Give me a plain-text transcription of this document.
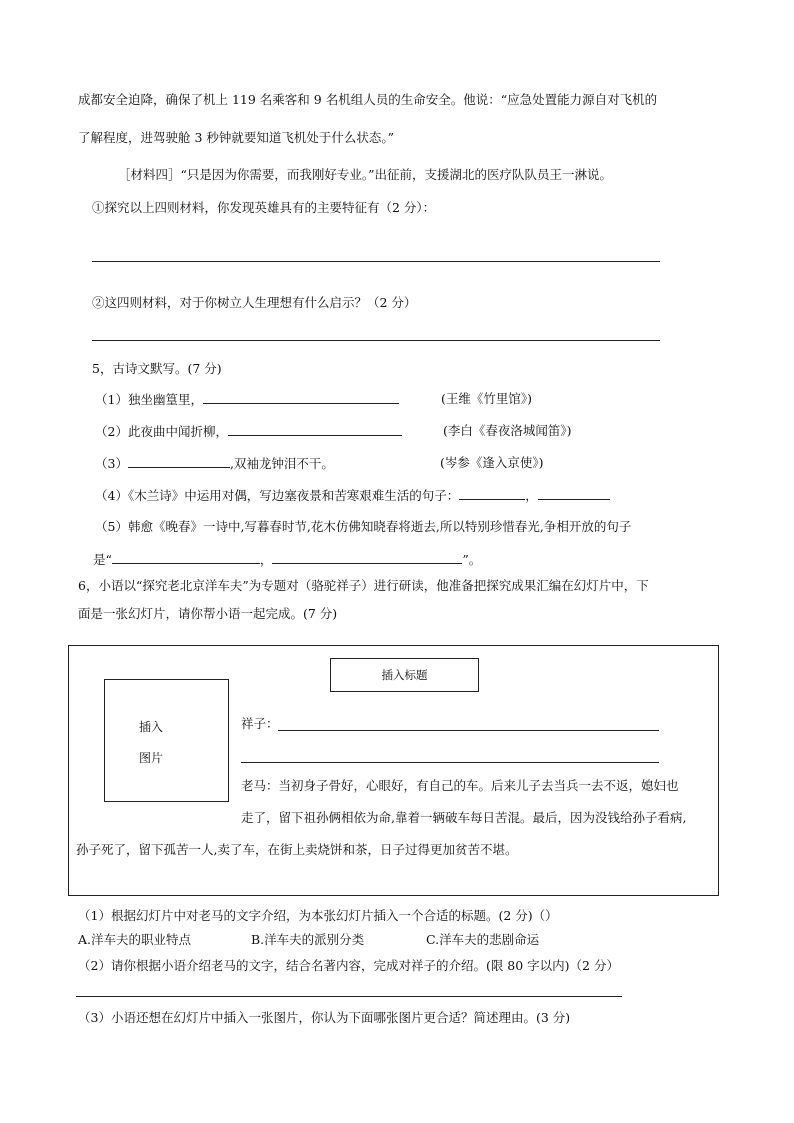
成都安全迫降，确保了机上 119 名乘客和 9 名机组人员的生命安全。他说：“应急处置能力源自对飞机的
了解程度，进驾驶舱 3 秒钟就要知道飞机处于什么状态。”
［材料四］“只是因为你需要，而我刚好专业。”出征前，支援湖北的医疗队队员王一淋说。
①探究以上四则材料，你发现英雄具有的主要特征有（2 分）：
②这四则材料，对于你树立人生理想有什么启示？（2 分）
5，古诗文默写。(7 分)
（1）独坐幽篁里，	(王维《竹里馆》)
（2）此夜曲中闻折柳，	(李白《春夜洛城闻笛》)
（3）	,双袖龙钟泪不干。	(岑参《逢入京使》)
（4）《木兰诗》中运用对偶，写边塞夜景和苦寒艰难生活的句子：	，
（5）韩愈《晚春》一诗中,写暮春时节,花木仿佛知晓春将逝去,所以特别珍惜春光,争相开放的句子
是“	，	”。
6，小语以“探究老北京洋车夫”为专题对（骆驼祥子）进行研读，他准备把探究成果汇编在幻灯片中，下
面是一张幻灯片，请你帮小语一起完成。(7 分)
插入标题
插入
图片
祥子：
老马：当初身子骨好，心眼好，有自己的车。后来儿子去当兵一去不返，媳妇也
走了，留下祖孙俩相依为命,靠着一辆破车每日苦混。最后，因为没钱给孙子看病,
孙子死了，留下孤苦一人,卖了车，在街上卖烧饼和茶，日子过得更加贫苦不堪。
（1）根据幻灯片中对老马的文字介绍，为本张幻灯片插入一个合适的标题。(2 分)（）
A.洋车夫的职业特点	B.洋车夫的派别分类	C.洋车夫的悲剧命运
（2）请你根据小语介绍老马的文字，结合名著内容，完成对祥子的介绍。(限 80 字以内)（2 分）
（3）小语还想在幻灯片中插入一张图片，你认为下面哪张图片更合适？简述理由。(3 分)
